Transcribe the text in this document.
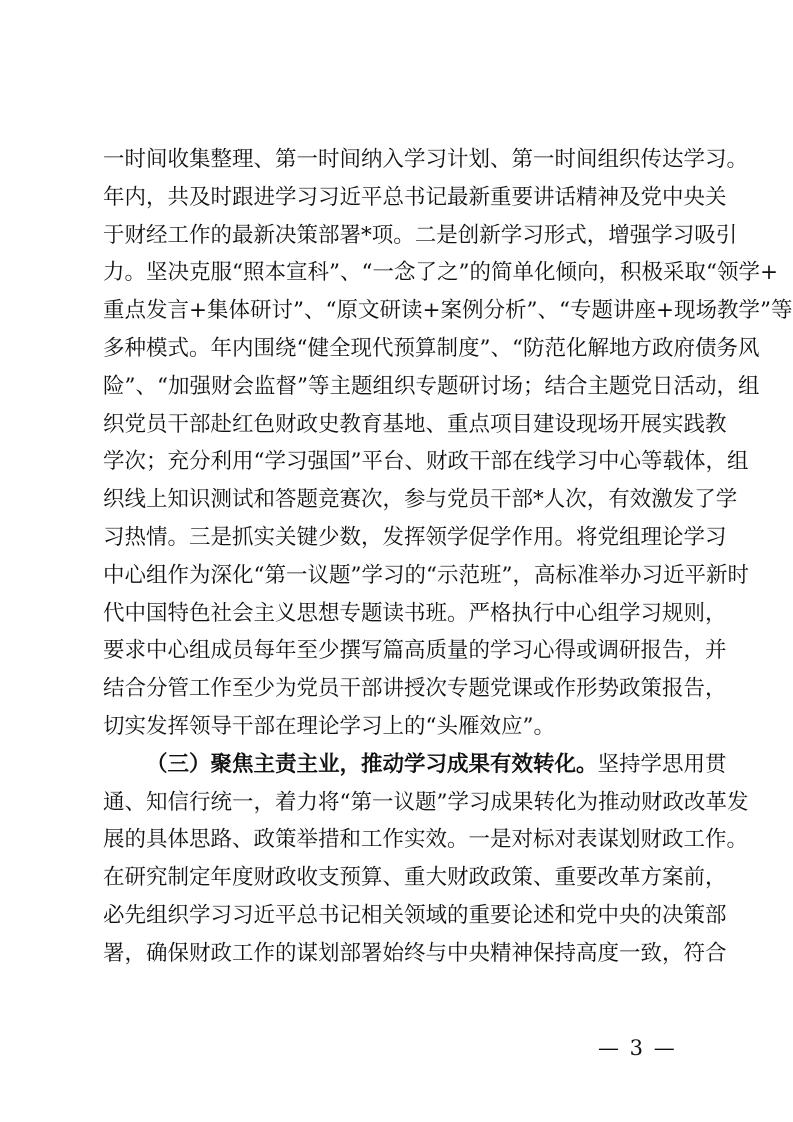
一时间收集整理、第一时间纳入学习计划、第一时间组织传达学习。
年内，共及时跟进学习习近平总书记最新重要讲话精神及党中央关
于财经工作的最新决策部署*项。二是创新学习形式，增强学习吸引
力。坚决克服“照本宣科”、“一念了之”的简单化倾向，积极采取“领学+
重点发言+集体研讨”、“原文研读+案例分析”、“专题讲座+现场教学”等
多种模式。年内围绕“健全现代预算制度”、“防范化解地方政府债务风
险”、“加强财会监督”等主题组织专题研讨场；结合主题党日活动，组
织党员干部赴红色财政史教育基地、重点项目建设现场开展实践教
学次；充分利用“学习强国”平台、财政干部在线学习中心等载体，组
织线上知识测试和答题竞赛次，参与党员干部*人次，有效激发了学
习热情。三是抓实关键少数，发挥领学促学作用。将党组理论学习
中心组作为深化“第一议题”学习的“示范班”，高标准举办习近平新时
代中国特色社会主义思想专题读书班。严格执行中心组学习规则，
要求中心组成员每年至少撰写篇高质量的学习心得或调研报告，并
结合分管工作至少为党员干部讲授次专题党课或作形势政策报告，
切实发挥领导干部在理论学习上的“头雁效应”。
（三）聚焦主责主业，推动学习成果有效转化。坚持学思用贯
通、知信行统一，着力将“第一议题”学习成果转化为推动财政改革发
展的具体思路、政策举措和工作实效。一是对标对表谋划财政工作。
在研究制定年度财政收支预算、重大财政政策、重要改革方案前，
必先组织学习习近平总书记相关领域的重要论述和党中央的决策部
署，确保财政工作的谋划部署始终与中央精神保持高度一致，符合
— 3 —
